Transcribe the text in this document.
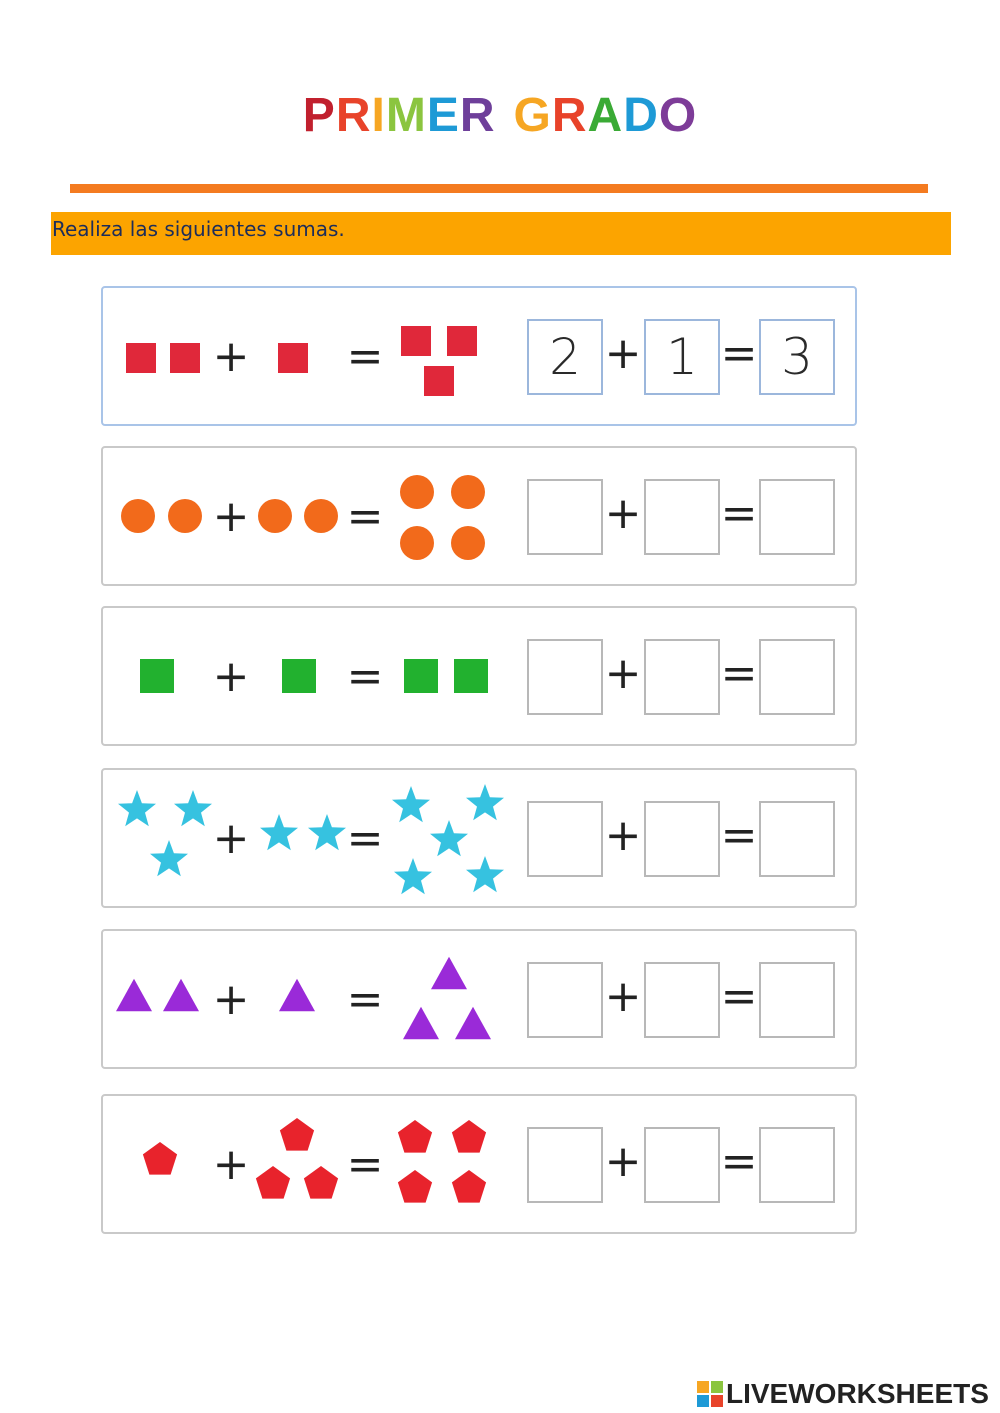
PRIMER GRADO
Realiza las siguientes sumas.
+ =	2 + 1 = 3
+ =	+ =
+ =	+ =
+ =	+ =
+ =	+ =
+ =	+ =
LIVEWORKSHEETS
